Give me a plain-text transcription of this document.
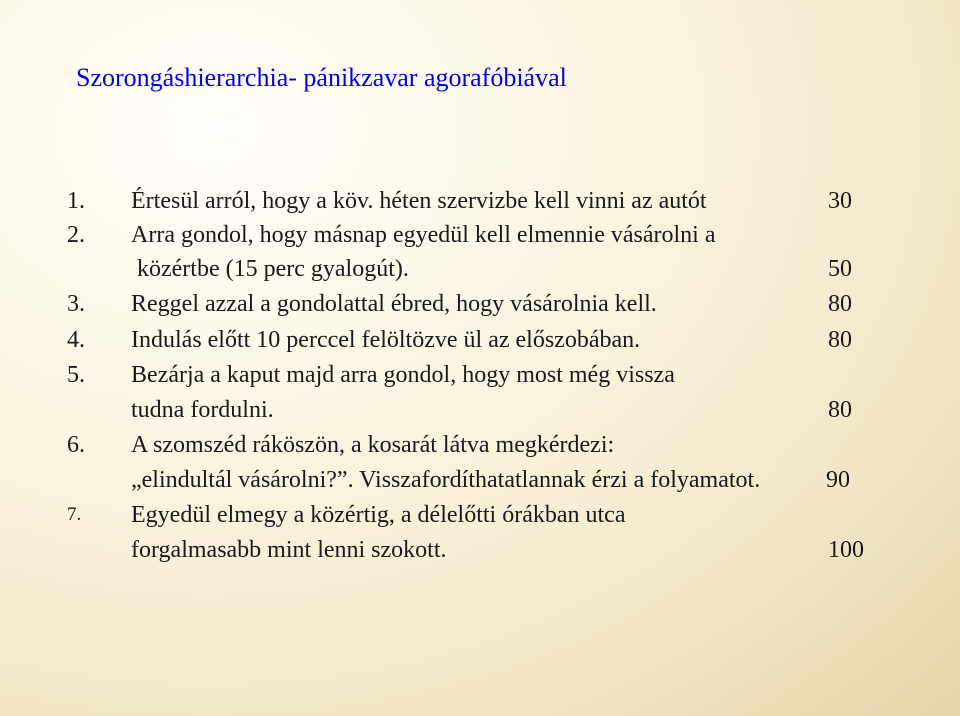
Szorongáshierarchia- pánikzavar agorafóbiával
1. Értesül arról, hogy a köv. héten szervizbe kell vinni az autót	30
2. Arra gondol, hogy másnap egyedül kell elmennie vásárolni a
közértbe (15 perc gyalogút).	50
3. Reggel azzal a gondolattal ébred, hogy vásárolnia kell.	80
4. Indulás előtt 10 perccel felöltözve ül az előszobában.	80
5. Bezárja a kaput majd arra gondol, hogy most még vissza
tudna fordulni.	80
6. A szomszéd ráköszön, a kosarát látva megkérdezi:
„elindultál vásárolni?”. Visszafordíthatatlannak érzi a folyamatot.	90
7. Egyedül elmegy a közértig, a délelőtti órákban utca
forgalmasabb mint lenni szokott.	100
